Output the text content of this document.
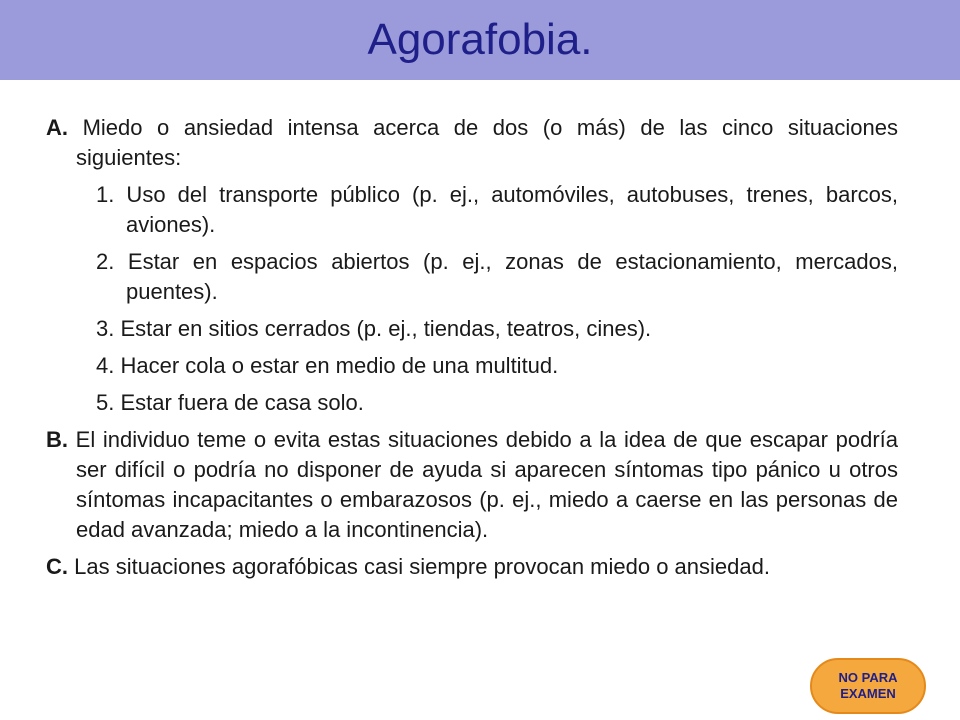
Agorafobia.

A. Miedo o ansiedad intensa acerca de dos (o más) de las cinco situaciones siguientes:

1. Uso del transporte público (p. ej., automóviles, autobuses, trenes, barcos, aviones).

2. Estar en espacios abiertos (p. ej., zonas de estacionamiento, mercados, puentes).

3. Estar en sitios cerrados (p. ej., tiendas, teatros, cines).

4. Hacer cola o estar en medio de una multitud.

5. Estar fuera de casa solo.

B. El individuo teme o evita estas situaciones debido a la idea de que escapar podría ser difícil o podría no disponer de ayuda si aparecen síntomas tipo pánico u otros síntomas incapacitantes o embarazosos (p. ej., miedo a caerse en las personas de edad avanzada; miedo a la incontinencia).

C. Las situaciones agorafóbicas casi siempre provocan miedo o ansiedad.

NO PARA
EXAMEN
